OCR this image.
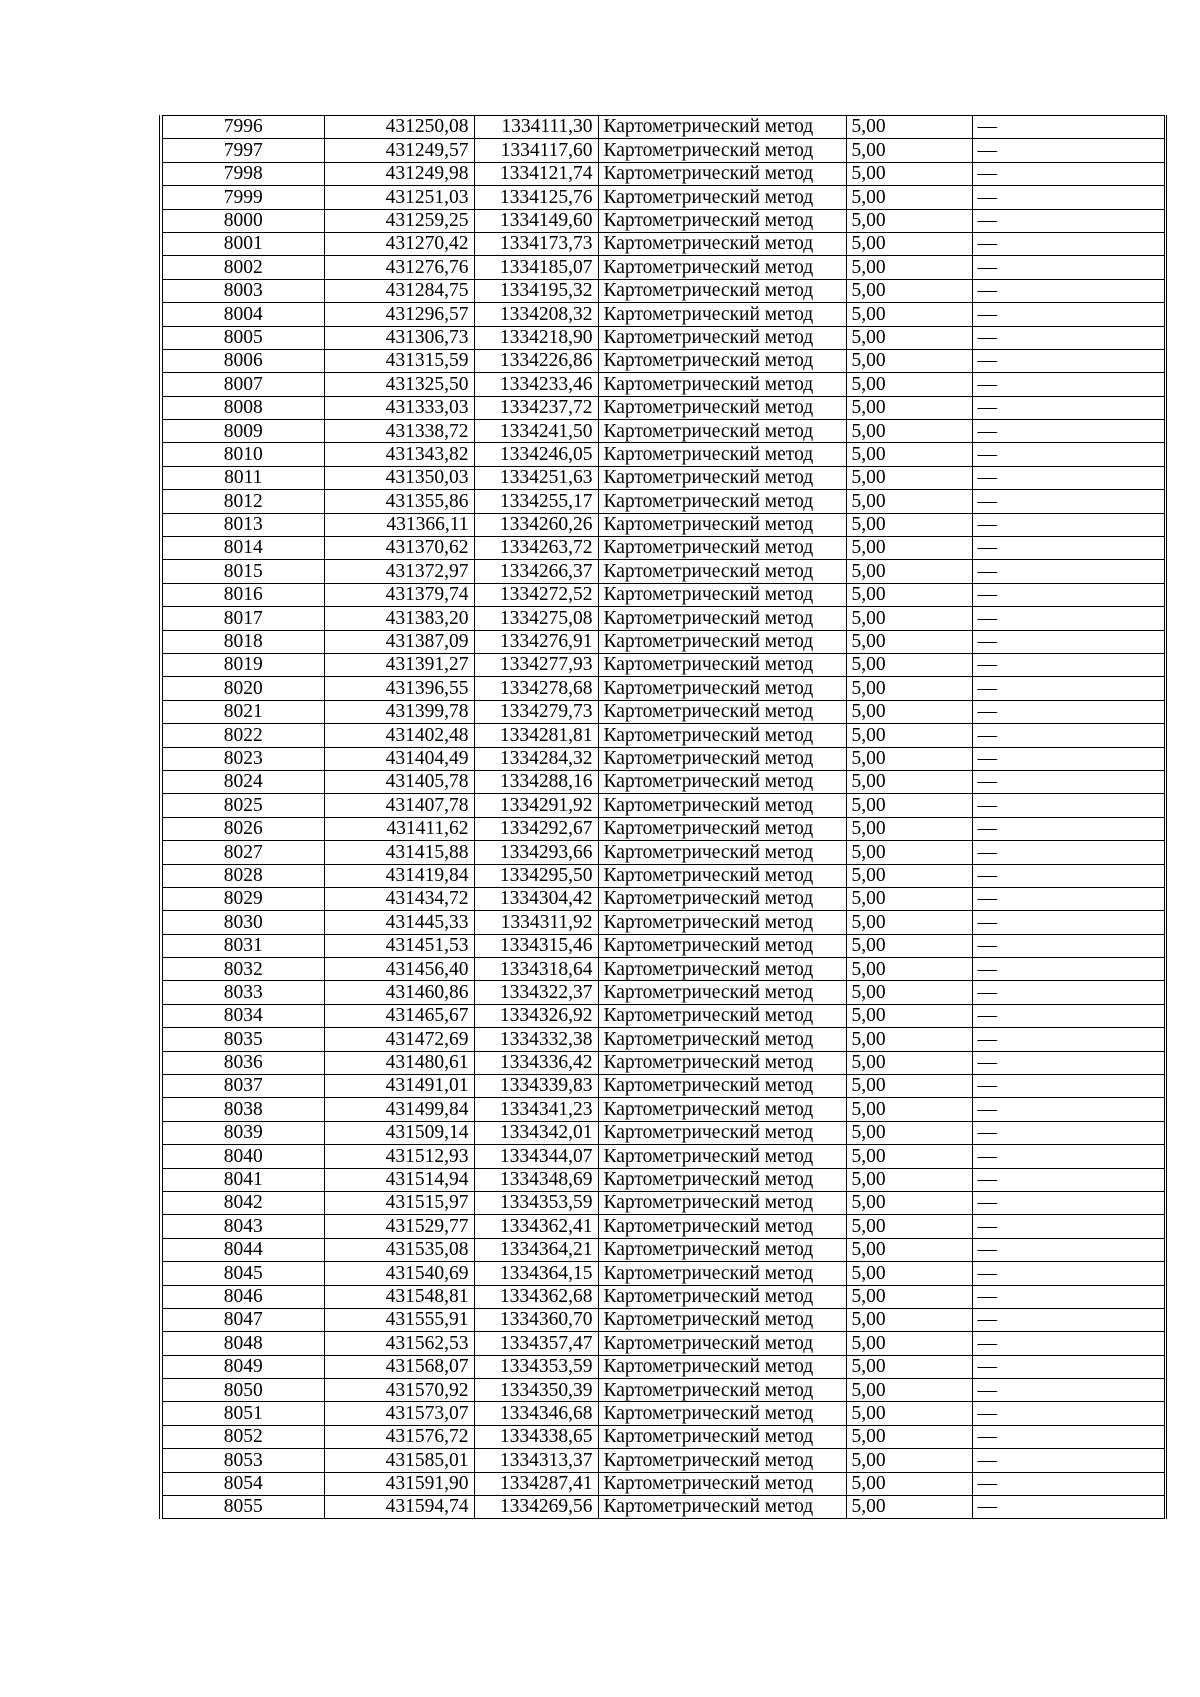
7996	431250,08	1334111,30	Картометрический метод	5,00	—
7997	431249,57	1334117,60	Картометрический метод	5,00	—
7998	431249,98	1334121,74	Картометрический метод	5,00	—
7999	431251,03	1334125,76	Картометрический метод	5,00	—
8000	431259,25	1334149,60	Картометрический метод	5,00	—
8001	431270,42	1334173,73	Картометрический метод	5,00	—
8002	431276,76	1334185,07	Картометрический метод	5,00	—
8003	431284,75	1334195,32	Картометрический метод	5,00	—
8004	431296,57	1334208,32	Картометрический метод	5,00	—
8005	431306,73	1334218,90	Картометрический метод	5,00	—
8006	431315,59	1334226,86	Картометрический метод	5,00	—
8007	431325,50	1334233,46	Картометрический метод	5,00	—
8008	431333,03	1334237,72	Картометрический метод	5,00	—
8009	431338,72	1334241,50	Картометрический метод	5,00	—
8010	431343,82	1334246,05	Картометрический метод	5,00	—
8011	431350,03	1334251,63	Картометрический метод	5,00	—
8012	431355,86	1334255,17	Картометрический метод	5,00	—
8013	431366,11	1334260,26	Картометрический метод	5,00	—
8014	431370,62	1334263,72	Картометрический метод	5,00	—
8015	431372,97	1334266,37	Картометрический метод	5,00	—
8016	431379,74	1334272,52	Картометрический метод	5,00	—
8017	431383,20	1334275,08	Картометрический метод	5,00	—
8018	431387,09	1334276,91	Картометрический метод	5,00	—
8019	431391,27	1334277,93	Картометрический метод	5,00	—
8020	431396,55	1334278,68	Картометрический метод	5,00	—
8021	431399,78	1334279,73	Картометрический метод	5,00	—
8022	431402,48	1334281,81	Картометрический метод	5,00	—
8023	431404,49	1334284,32	Картометрический метод	5,00	—
8024	431405,78	1334288,16	Картометрический метод	5,00	—
8025	431407,78	1334291,92	Картометрический метод	5,00	—
8026	431411,62	1334292,67	Картометрический метод	5,00	—
8027	431415,88	1334293,66	Картометрический метод	5,00	—
8028	431419,84	1334295,50	Картометрический метод	5,00	—
8029	431434,72	1334304,42	Картометрический метод	5,00	—
8030	431445,33	1334311,92	Картометрический метод	5,00	—
8031	431451,53	1334315,46	Картометрический метод	5,00	—
8032	431456,40	1334318,64	Картометрический метод	5,00	—
8033	431460,86	1334322,37	Картометрический метод	5,00	—
8034	431465,67	1334326,92	Картометрический метод	5,00	—
8035	431472,69	1334332,38	Картометрический метод	5,00	—
8036	431480,61	1334336,42	Картометрический метод	5,00	—
8037	431491,01	1334339,83	Картометрический метод	5,00	—
8038	431499,84	1334341,23	Картометрический метод	5,00	—
8039	431509,14	1334342,01	Картометрический метод	5,00	—
8040	431512,93	1334344,07	Картометрический метод	5,00	—
8041	431514,94	1334348,69	Картометрический метод	5,00	—
8042	431515,97	1334353,59	Картометрический метод	5,00	—
8043	431529,77	1334362,41	Картометрический метод	5,00	—
8044	431535,08	1334364,21	Картометрический метод	5,00	—
8045	431540,69	1334364,15	Картометрический метод	5,00	—
8046	431548,81	1334362,68	Картометрический метод	5,00	—
8047	431555,91	1334360,70	Картометрический метод	5,00	—
8048	431562,53	1334357,47	Картометрический метод	5,00	—
8049	431568,07	1334353,59	Картометрический метод	5,00	—
8050	431570,92	1334350,39	Картометрический метод	5,00	—
8051	431573,07	1334346,68	Картометрический метод	5,00	—
8052	431576,72	1334338,65	Картометрический метод	5,00	—
8053	431585,01	1334313,37	Картометрический метод	5,00	—
8054	431591,90	1334287,41	Картометрический метод	5,00	—
8055	431594,74	1334269,56	Картометрический метод	5,00	—
